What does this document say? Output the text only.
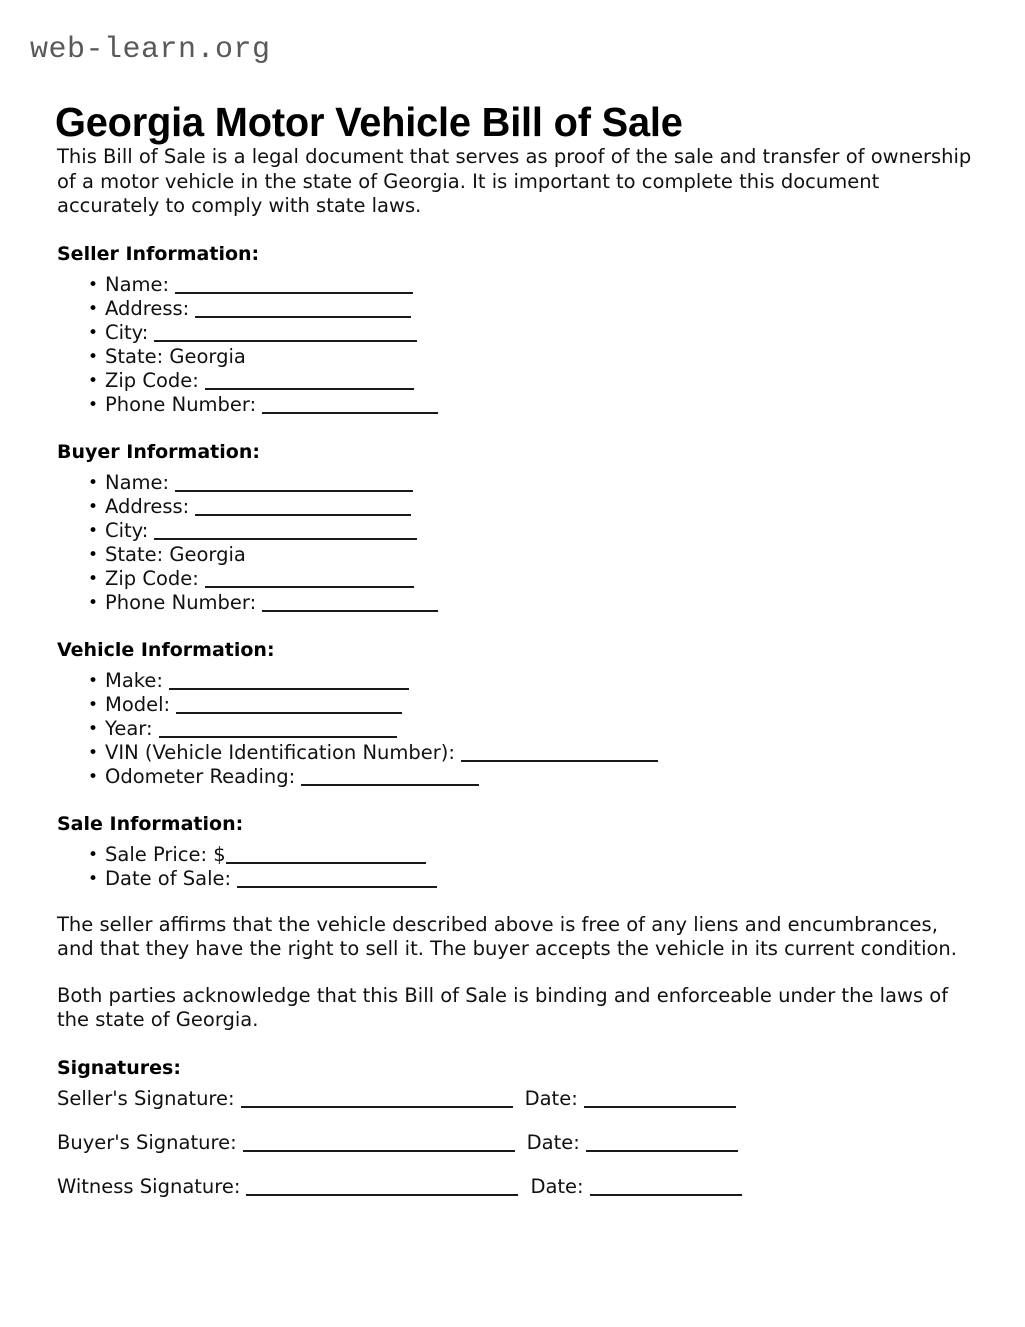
web-learn.org
Georgia Motor Vehicle Bill of Sale

This Bill of Sale is a legal document that serves as proof of the sale and transfer of ownership of a motor vehicle in the state of Georgia. It is important to complete this document accurately to comply with state laws.

Seller Information:
• Name:
• Address:
• City:
• State: Georgia
• Zip Code:
• Phone Number:
Buyer Information:
• Name:
• Address:
• City:
• State: Georgia
• Zip Code:
• Phone Number:
Vehicle Information:
• Make:
• Model:
• Year:
• VIN (Vehicle Identification Number):
• Odometer Reading:
Sale Information:
• Sale Price: $
• Date of Sale:

The seller affirms that the vehicle described above is free of any liens and encumbrances, and that they have the right to sell it. The buyer accepts the vehicle in its current condition.

Both parties acknowledge that this Bill of Sale is binding and enforceable under the laws of the state of Georgia.

Signatures:
Seller's Signature:	Date:
Buyer's Signature:	Date:
Witness Signature:	Date:
